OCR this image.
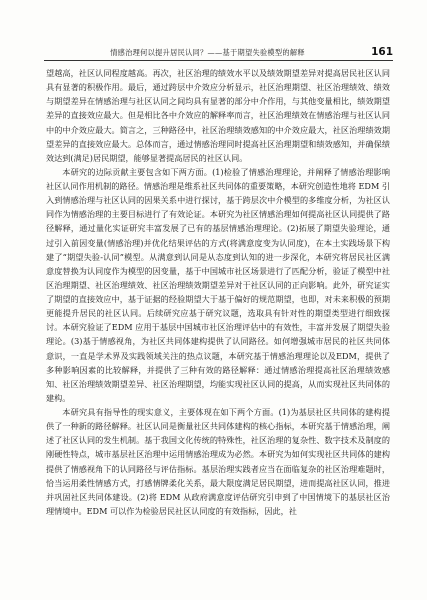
情感治理何以提升居民认同？——基于期望失验模型的解释	161

望越高，社区认同程度越高。再次，社区治理的绩效水平以及绩效期望差异对提高居民社区认同具有显著的积极作用。最后，通过跨层中介效应分析显示，社区治理期望、社区治理绩效、绩效与期望差异在情感治理与社区认同之间均具有显著的部分中介作用，与其他变量相比，绩效期望差异的直接效应最大。但是相比各中介效应的解释率而言，社区治理绩效在情感治理与社区认同中的中介效应最大。简言之，三种路径中，社区治理绩效感知的中介效应最大，社区治理绩效期望差异的直接效应最大。总体而言，通过情感治理同时提高社区治理期望和绩效感知，并确保绩效达到(满足)居民期望，能够显著提高居民的社区认同。

本研究的边际贡献主要包含如下两方面。(1)检验了情感治理理论，并阐释了情感治理影响社区认同作用机制的路径。情感治理是维系社区共同体的重要策略，本研究创造性地将 EDM 引入到情感治理与社区认同的因果关系中进行探讨，基于跨层次中介模型的多维度分析，为社区认同作为情感治理的主要目标进行了有效论证。本研究为社区情感治理如何提高社区认同提供了路径解释，通过量化实证研究丰富发展了已有的基层情感治理理论。(2)拓展了期望失验理论，通过引入前因变量(情感治理)并优化结果评估的方式(将满意度变为认同度)，在本土实践场景下构建了“期望失验-认同”模型。从满意到认同是从态度到认知的进一步深化，本研究将居民社区满意度替换为认同度作为模型的因变量，基于中国城市社区场景进行了匹配分析，验证了模型中社区治理期望、社区治理绩效、社区治理绩效期望差异对于社区认同的正向影响。此外，研究证实了期望的直接效应中，基于证据的经验期望大于基于偏好的规范期望，也即，对未来积极的预期更能提升居民的社区认同。后续研究应基于研究议题，选取具有针对性的期望类型进行细致探讨。本研究验证了EDM 应用于基层中国城市社区治理评估中的有效性，丰富并发展了期望失验理论。(3)基于情感视角，为社区共同体建构提供了认同路径。如何增强城市居民的社区共同体意识，一直是学术界及实践领域关注的热点议题，本研究基于情感治理理论以及EDM，提供了多种影响因素的比较解释，并提供了三种有效的路径解释：通过情感治理提高社区治理绩效感知、社区治理绩效期望差异、社区治理期望，均能实现社区认同的提高，从而实现社区共同体的建构。

本研究具有指导性的现实意义，主要体现在如下两个方面。(1)为基层社区共同体的建构提供了一种新的路径解释。社区认同是衡量社区共同体建构的核心指标，本研究基于情感治理，阐述了社区认同的发生机制。基于我国文化传统的特殊性，社区治理的复杂性、数字技术及制度的刚硬性特点，城市基层社区治理中运用情感治理成为必然。本研究为如何实现社区共同体的建构提供了情感视角下的认同路径与评估指标。基层治理实践者应当在面临复杂的社区治理难题时，恰当运用柔性情感方式，打感情牌柔化关系，最大限度满足居民期望，进而提高社区认同，推进并巩固社区共同体建设。(2)将 EDM 从政府满意度评估研究引申到了中国情境下的基层社区治理情境中。EDM 可以作为检验居民社区认同度的有效指标，因此，社
